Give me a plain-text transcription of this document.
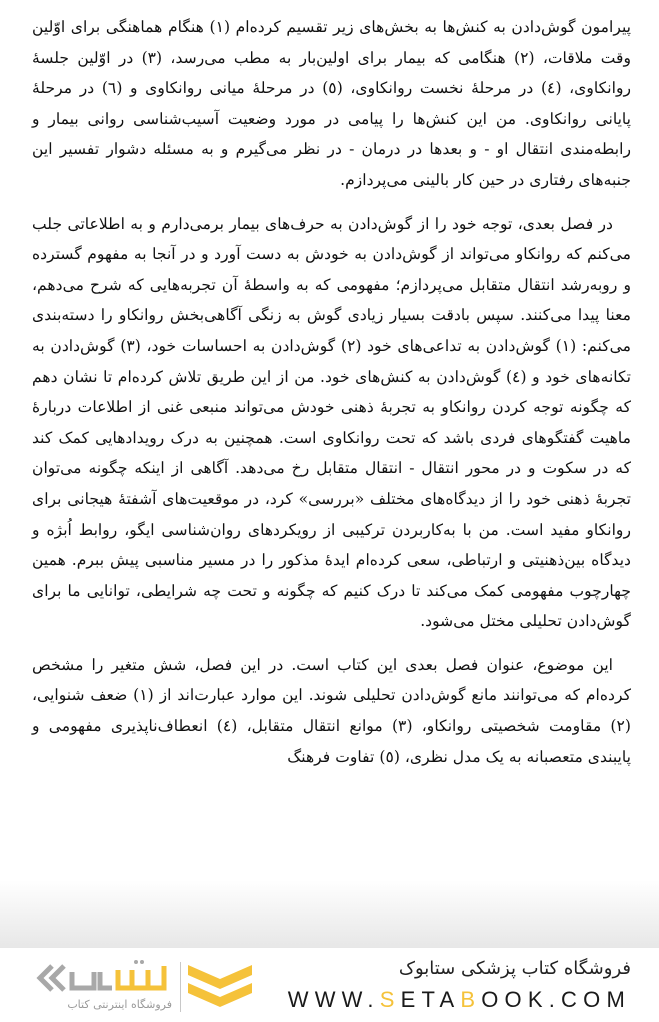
پیرامون گوش‌دادن به کنش‌ها به بخش‌های زیر تقسیم کرده‌ام (۱) هنگام هماهنگی برای اوّلین وقت ملاقات، (۲) هنگامی که بیمار برای اولین‌بار به مطب می‌رسد، (۳) در اوّلین جلسهٔ روانکاوی، (٤) در مرحلهٔ نخست روانکاوی، (٥) در مرحلهٔ میانی روانکاوی و (٦) در مرحلهٔ پایانی روانکاوی. من این کنش‌ها را پیامی در مورد وضعیت آسیب‌شناسی روانی بیمار و رابطه‌مندی انتقال او - و بعدها در درمان - در نظر می‌گیرم و به مسئله دشوار تفسیر این جنبه‌های رفتاری در حین کار بالینی می‌پردازم.

در فصل بعدی، توجه خود را از گوش‌دادن به حرف‌های بیمار برمی‌دارم و به اطلاعاتی جلب می‌کنم که روانکاو می‌تواند از گوش‌دادن به خودش به دست آورد و در آنجا به مفهوم گسترده و روبه‌رشد انتقال متقابل می‌پردازم؛ مفهومی که به واسطهٔ آن تجربه‌هایی که شرح می‌دهم، معنا پیدا می‌کنند. سپس بادقت بسیار زیادی گوش به زنگی آگاهی‌بخش روانکاو را دسته‌بندی می‌کنم: (۱) گوش‌دادن به تداعی‌های خود (۲) گوش‌دادن به احساسات خود، (۳) گوش‌دادن به تکانه‌های خود و (٤) گوش‌دادن به کنش‌های خود. من از این طریق تلاش کرده‌ام تا نشان دهم که چگونه توجه کردن روانکاو به تجربهٔ ذهنی خودش می‌تواند منبعی غنی از اطلاعات دربارهٔ ماهیت گفتگوهای فردی باشد که تحت روانکاوی است. همچنین به درک رویدادهایی کمک کند که در سکوت و در محور انتقال - انتقال متقابل رخ می‌دهد. آگاهی از اینکه چگونه می‌توان تجربهٔ ذهنی خود را از دیدگاه‌های مختلف «بررسی» کرد، در موقعیت‌های آشفتهٔ هیجانی برای روانکاو مفید است. من با به‌کاربردن ترکیبی از رویکردهای روان‌شناسی ایگو، روابط اُبژه و دیدگاه بین‌ذهنیتی و ارتباطی، سعی کرده‌ام ایدهٔ مذکور را در مسیر مناسبی پیش ببرم. همین چهارچوب مفهومی کمک می‌کند تا درک کنیم که چگونه و تحت چه شرایطی، توانایی ما برای گوش‌دادن تحلیلی مختل می‌شود.

این موضوع، عنوان فصل بعدی این کتاب است. در این فصل، شش متغیر را مشخص کرده‌ام که می‌توانند مانع گوش‌دادن تحلیلی شوند. این موارد عبارت‌اند از (۱) ضعف شنوایی، (۲) مقاومت شخصیتی روانکاو، (۳) موانع انتقال متقابل، (٤) انعطاف‌ناپذیری مفهومی و پایبندی متعصبانه به یک مدل نظری، (٥) تفاوت فرهنگ

فروشگاه اینترنتی کتاب
فروشگاه کتاب پزشکی ستابوک
WWW.SETABOOK.COM
